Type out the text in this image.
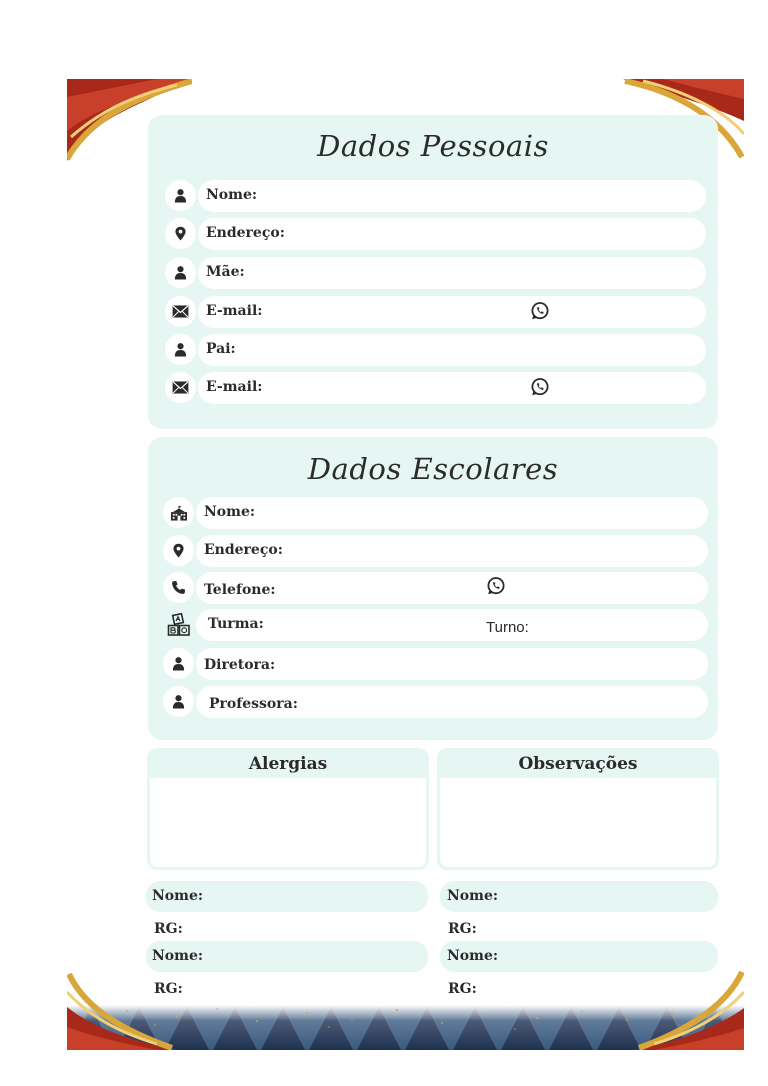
Dados Pessoais
Nome:
Endereço:
Mãe:
E-mail:
Pai:
E-mail:
Dados Escolares
Nome:
Endereço:
Telefone:
Turma:	Turno:
Diretora:
Professora:
Alergias	Observações
Nome:
RG:
Nome:
RG:
Nome:
RG:
Nome:
RG:
